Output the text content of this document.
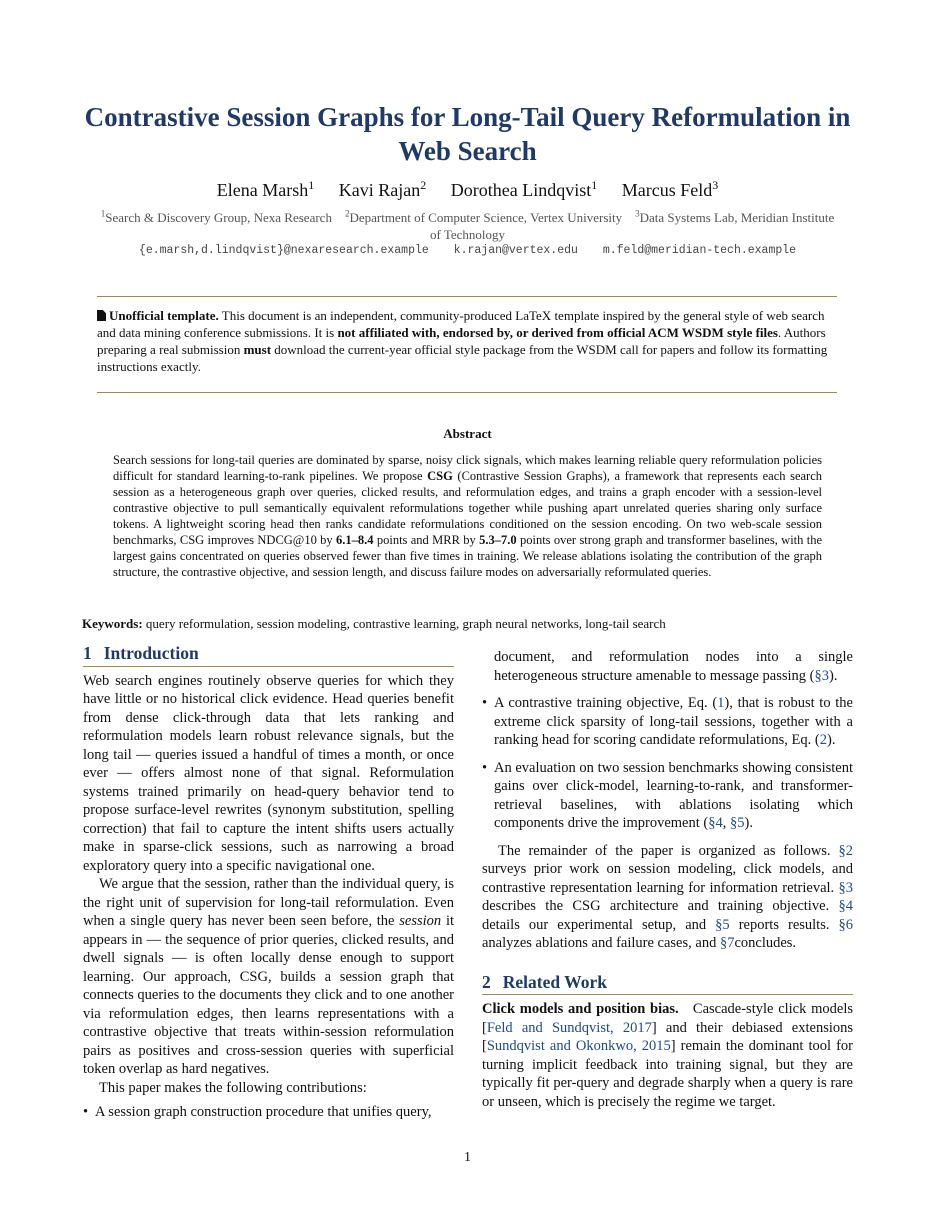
Contrastive Session Graphs for Long-Tail Query Reformulation in Web Search
Elena Marsh$^1$ Kavi Rajan$^2$ Dorothea Lindqvist$^1$ Marcus Feld$^3$
$^1$Search & Discovery Group, Nexa Research $^2$Department of Computer Science, Vertex University $^3$Data Systems Lab, Meridian Institute of Technology
{e.marsh,d.lindqvist}@nexaresearch.example k.rajan@vertex.edu m.feld@meridian-tech.example
Unofficial template. This document is an independent, community-produced LaTeX template inspired by the general style of web search and data mining conference submissions. It is not affiliated with, endorsed by, or derived from official ACM WSDM style files. Authors preparing a real submission must download the current-year official style package from the WSDM call for papers and follow its formatting instructions exactly.
Abstract
Search sessions for long-tail queries are dominated by sparse, noisy click signals, which makes learning reliable query reformulation policies difficult for standard learning-to-rank pipelines. We propose CSG (Contrastive Session Graphs), a framework that represents each search session as a heterogeneous graph over queries, clicked results, and reformulation edges, and trains a graph encoder with a session-level contrastive objective to pull semantically equivalent reformulations together while pushing apart unrelated queries sharing only surface tokens. A lightweight scoring head then ranks candidate reformulations conditioned on the session encoding. On two web-scale session benchmarks, CSG improves NDCG@10 by 6.1–8.4 points and MRR by 5.3–7.0 points over strong graph and transformer baselines, with the largest gains concentrated on queries observed fewer than five times in training. We release ablations isolating the contribution of the graph structure, the contrastive objective, and session length, and discuss failure modes on adversarially reformulated queries.
Keywords: query reformulation, session modeling, contrastive learning, graph neural networks, long-tail search
1 Introduction

Web search engines routinely observe queries for which they have little or no historical click evidence. Head queries benefit from dense click-through data that lets ranking and reformulation models learn robust relevance signals, but the long tail — queries issued a handful of times a month, or once ever — offers almost none of that signal. Reformulation systems trained primarily on head-query behavior tend to propose surface-level rewrites (synonym substitution, spelling correction) that fail to capture the intent shifts users actually make in sparse-click sessions, such as narrowing a broad exploratory query into a specific navigational one.

We argue that the session, rather than the individual query, is the right unit of supervision for long-tail reformulation. Even when a single query has never been seen before, the session it appears in — the sequence of prior queries, clicked results, and dwell signals — is often locally dense enough to support learning. Our approach, CSG, builds a session graph that connects queries to the documents they click and to one another via reformulation edges, then learns representations with a contrastive objective that treats within-session reformulation pairs as positives and cross-session queries with superficial token overlap as hard negatives.

This paper makes the following contributions:

• A session graph construction procedure that unifies query,

document, and reformulation nodes into a single heterogeneous structure amenable to message passing (§3).

• A contrastive training objective, Eq. (1), that is robust to the extreme click sparsity of long-tail sessions, together with a ranking head for scoring candidate reformulations, Eq. (2).
• An evaluation on two session benchmarks showing consistent gains over click-model, learning-to-rank, and transformer-retrieval baselines, with ablations isolating which components drive the improvement (§4, §5).

The remainder of the paper is organized as follows. §2 surveys prior work on session modeling, click models, and contrastive representation learning for information retrieval. §3 describes the CSG architecture and training objective. §4 details our experimental setup, and §5 reports results. §6 analyzes ablations and failure cases, and §7concludes.

2 Related Work

Click models and position bias. Cascade-style click models [Feld and Sundqvist, 2017] and their debiased extensions [Sundqvist and Okonkwo, 2015] remain the dominant tool for turning implicit feedback into training signal, but they are typically fit per-query and degrade sharply when a query is rare or unseen, which is precisely the regime we target.

1
